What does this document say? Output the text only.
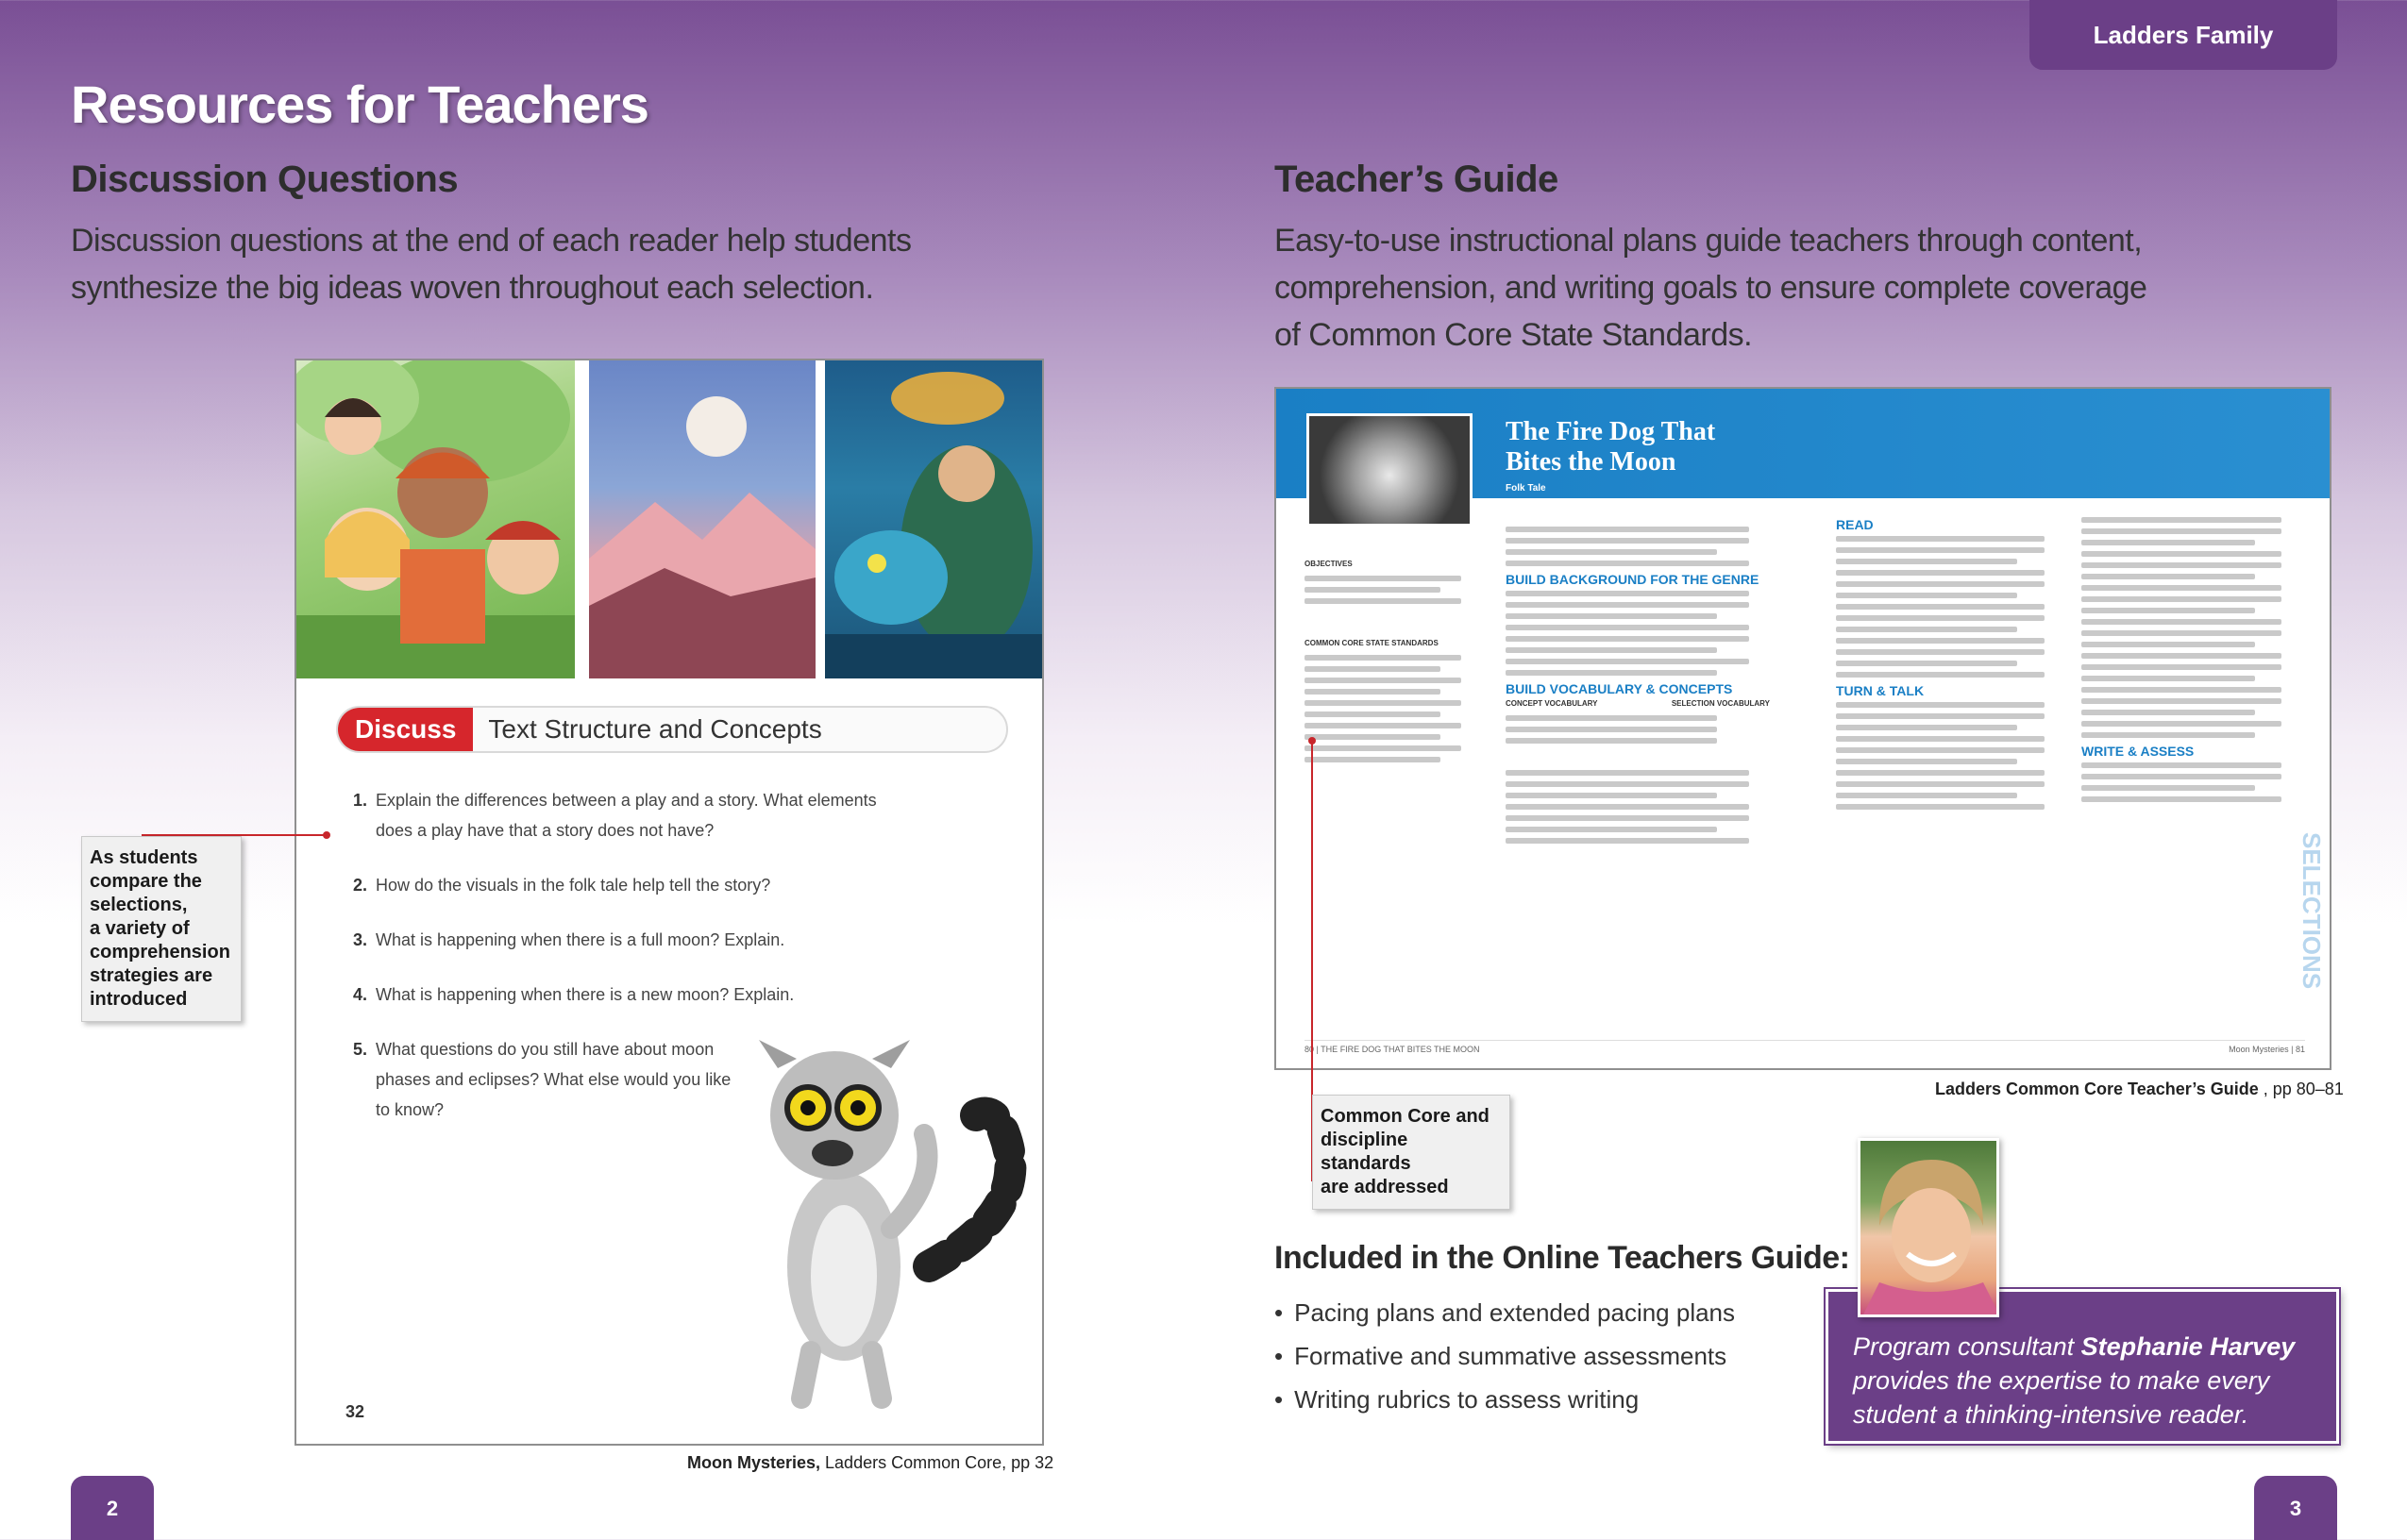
Ladders Family
Resources for Teachers
Discussion Questions
Discussion questions at the end of each reader help students
synthesize the big ideas woven throughout each selection.
Discuss	Text Structure and Concepts
1. Explain the differences between a play and a story. What elements
does a play have that a story does not have?
2. How do the visuals in the folk tale help tell the story?
3. What is happening when there is a full moon? Explain.
4. What is happening when there is a new moon? Explain.
5. What questions do you still have about moon
phases and eclipses? What else would you like
to know?
32
As students
compare the
selections,
a variety of
comprehension
strategies are
introduced
Moon Mysteries, Ladders Common Core, pp 32
Teacher’s Guide
Easy-to-use instructional plans guide teachers through content,
comprehension, and writing goals to ensure complete coverage
of Common Core State Standards.
The Fire Dog That
Bites the Moon
Folk Tale
OBJECTIVES
COMMON CORE STATE STANDARDS
BUILD BACKGROUND FOR THE GENRE
BUILD VOCABULARY & CONCEPTS
CONCEPT VOCABULARY	SELECTION VOCABULARY
READ
TURN & TALK
WRITE & ASSESS
SELECTIONS
80 | THE FIRE DOG THAT BITES THE MOON	Moon Mysteries | 81
Ladders Common Core Teacher’s Guide , pp 80–81
Common Core and
discipline standards
are addressed
Included in the Online Teachers Guide:
• Pacing plans and extended pacing plans
• Formative and summative assessments
• Writing rubrics to assess writing
Program consultant Stephanie Harvey
provides the expertise to make every
student a thinking-intensive reader.
2	3
